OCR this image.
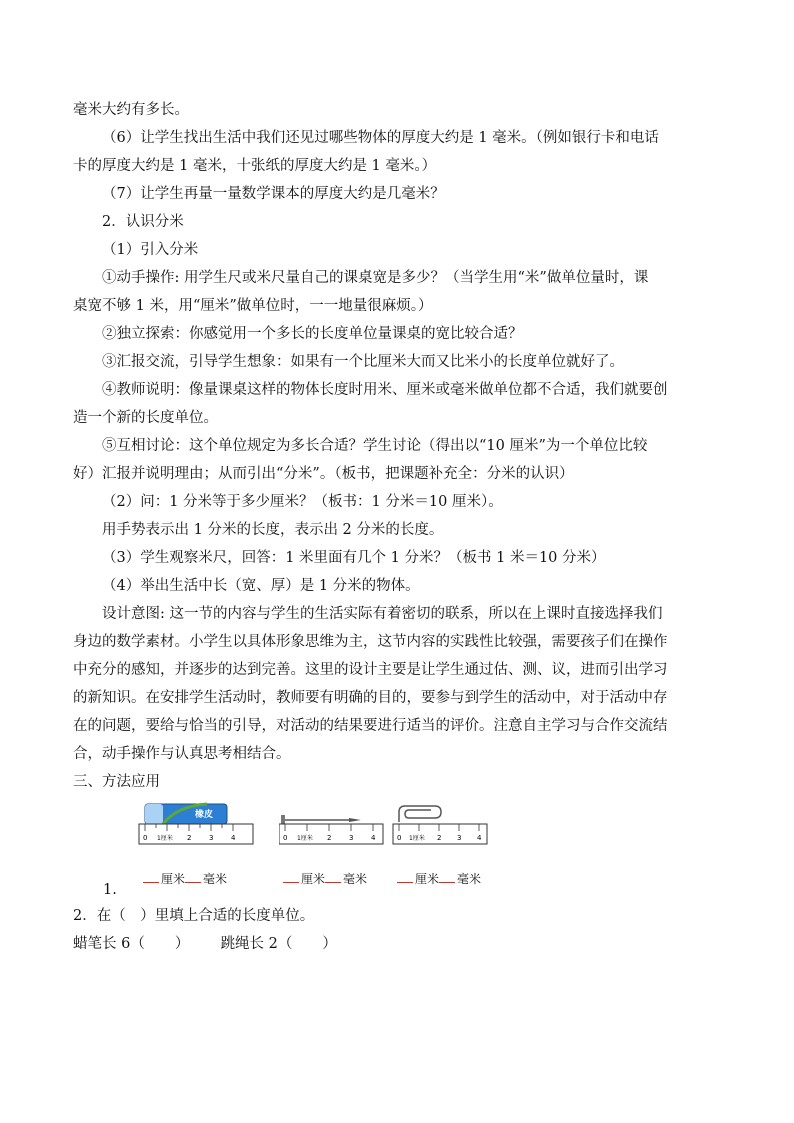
毫米大约有多长。

（6）让学生找出生活中我们还见过哪些物体的厚度大约是 1 毫米。（例如银行卡和电话

卡的厚度大约是 1 毫米，十张纸的厚度大约是 1 毫米。）

（7）让学生再量一量数学课本的厚度大约是几毫米？

2．认识分米

（1）引入分米

①动手操作: 用学生尺或米尺量自己的课桌宽是多少？（当学生用“米”做单位量时，课

桌宽不够 1 米，用“厘米”做单位时，一一地量很麻烦。）

②独立探索：你感觉用一个多长的长度单位量课桌的宽比较合适？

③汇报交流，引导学生想象：如果有一个比厘米大而又比米小的长度单位就好了。

④教师说明：像量课桌这样的物体长度时用米、厘米或毫米做单位都不合适，我们就要创

造一个新的长度单位。

⑤互相讨论：这个单位规定为多长合适？学生讨论（得出以“10 厘米”为一个单位比较

好）汇报并说明理由；从而引出“分米”。（板书，把课题补充全：分米的认识）

（2）问：1 分米等于多少厘米？（板书：1 分米＝10 厘米）。

用手势表示出 1 分米的长度，表示出 2 分米的长度。

（3）学生观察米尺，回答：1 米里面有几个 1 分米？（板书 1 米＝10 分米）

（4）举出生活中长（宽、厚）是 1 分米的物体。

设计意图: 这一节的内容与学生的生活实际有着密切的联系，所以在上课时直接选择我们

身边的数学素材。小学生以具体形象思维为主，这节内容的实践性比较强，需要孩子们在操作

中充分的感知，并逐步的达到完善。这里的设计主要是让学生通过估、测、议，进而引出学习

的新知识。在安排学生活动时，教师要有明确的目的，要参与到学生的活动中，对于活动中存

在的问题，要给与恰当的引导，对活动的结果要进行适当的评价。注意自主学习与合作交流结

合，动手操作与认真思考相结合。

三、方法应用

橡皮
0 1厘米 2	3	4
厘米 毫米
0 1厘米 2	3	4
厘米 毫米
0 1厘米 2 3 4
厘米 毫米
1.

2．在（　）里填上合适的长度单位。

蜡笔长 6（ ） 跳绳长 2（ ）
